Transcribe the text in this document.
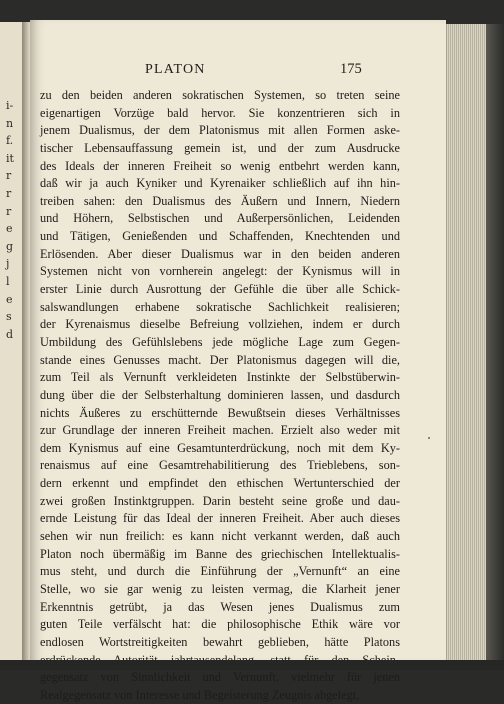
i-
n
f.
it
r
r
r
e
g
j
l
e
s
d
PLATON	175
zu den beiden anderen sokratischen Systemen, so treten seine
eigenartigen Vorzüge bald hervor. Sie konzentrieren sich in
jenem Dualismus, der dem Platonismus mit allen Formen aske-
tischer Lebensauffassung gemein ist, und der zum Ausdrucke
des Ideals der inneren Freiheit so wenig entbehrt werden kann,
daß wir ja auch Kyniker und Kyrenaiker schließlich auf ihn hin-
treiben sahen: den Dualismus des Äußern und Innern, Niedern
und Höhern, Selbstischen und Außerpersönlichen, Leidenden
und Tätigen, Genießenden und Schaffenden, Knechtenden und
Erlösenden. Aber dieser Dualismus war in den beiden anderen
Systemen nicht von vornherein angelegt: der Kynismus will in
erster Linie durch Ausrottung der Gefühle die über alle Schick-
salswandlungen erhabene sokratische Sachlichkeit realisieren;
der Kyrenaismus dieselbe Befreiung vollziehen, indem er durch
Umbildung des Gefühlslebens jede mögliche Lage zum Gegen-
stande eines Genusses macht. Der Platonismus dagegen will die,
zum Teil als Vernunft verkleideten Instinkte der Selbstüberwin-
dung über die der Selbsterhaltung dominieren lassen, und dasdurch
nichts Äußeres zu erschütternde Bewußtsein dieses Verhältnisses
zur Grundlage der inneren Freiheit machen. Erzielt also weder mit
dem Kynismus auf eine Gesamtunterdrückung, noch mit dem Ky-
renaismus auf eine Gesamtrehabilitierung des Trieblebens, son-
dern erkennt und empfindet den ethischen Wertunterschied der
zwei großen Instinktgruppen. Darin besteht seine große und dau-
ernde Leistung für das Ideal der inneren Freiheit. Aber auch dieses
sehen wir nun freilich: es kann nicht verkannt werden, daß auch
Platon noch übermäßig im Banne des griechischen Intellektualis-
mus steht, und durch die Einführung der „Vernunft“ an eine
Stelle, wo sie gar wenig zu leisten vermag, die Klarheit jener
Erkenntnis getrübt, ja das Wesen jenes Dualismus zum
guten Teile verfälscht hat: die philosophische Ethik wäre vor
endlosen Wortstreitigkeiten bewahrt geblieben, hätte Platons
gegensatz von Sinnlichkeit und Vernunft, vielmehr für jenen
Realgegensatz von Interesse und Begeisterung Zeugnis abgelegt,
